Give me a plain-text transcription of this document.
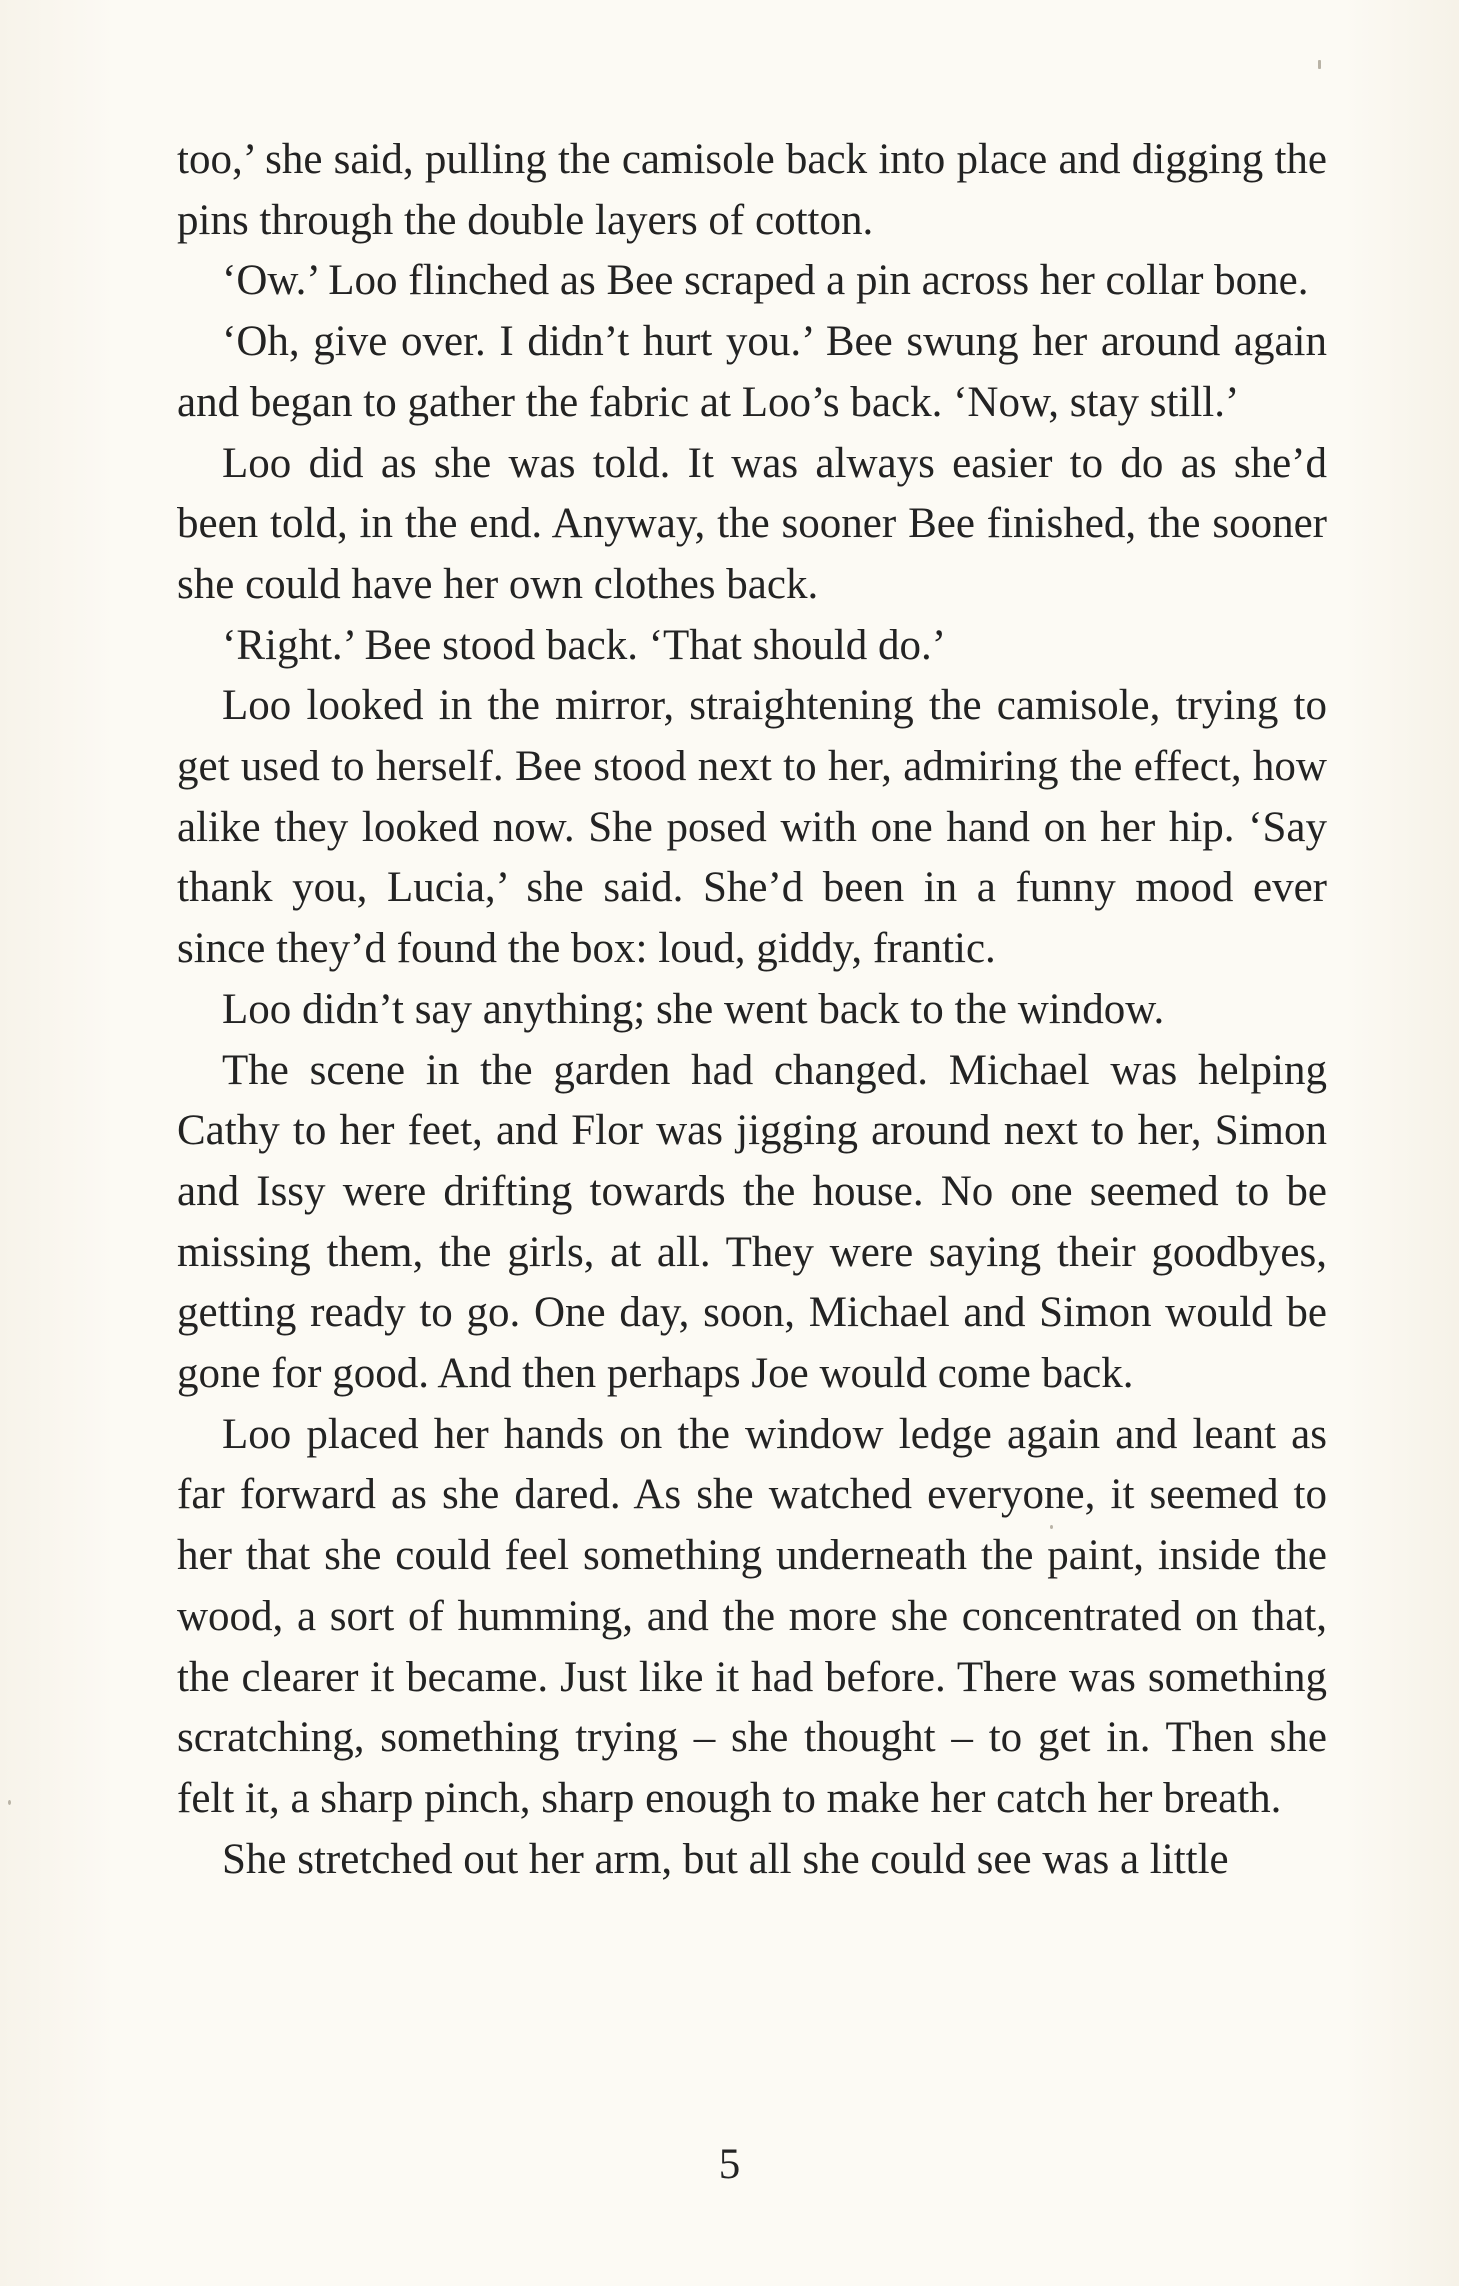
too,’ she said, pulling the camisole back into place and digging the pins through the double layers of cotton.

‘Ow.’ Loo flinched as Bee scraped a pin across her collar bone.

‘Oh, give over. I didn’t hurt you.’ Bee swung her around again and began to gather the fabric at Loo’s back. ‘Now, stay still.’

Loo did as she was told. It was always easier to do as she’d been told, in the end. Anyway, the sooner Bee finished, the sooner she could have her own clothes back.

‘Right.’ Bee stood back. ‘That should do.’

Loo looked in the mirror, straightening the camisole, trying to get used to herself. Bee stood next to her, admiring the effect, how alike they looked now. She posed with one hand on her hip. ‘Say thank you, Lucia,’ she said. She’d been in a funny mood ever since they’d found the box: loud, giddy, frantic.

Loo didn’t say anything; she went back to the window.

The scene in the garden had changed. Michael was helping Cathy to her feet, and Flor was jigging around next to her, Simon and Issy were drifting towards the house. No one seemed to be missing them, the girls, at all. They were saying their goodbyes, getting ready to go. One day, soon, Michael and Simon would be gone for good. And then perhaps Joe would come back.

Loo placed her hands on the window ledge again and leant as far forward as she dared. As she watched everyone, it seemed to her that she could feel something underneath the paint, inside the wood, a sort of humming, and the more she concentrated on that, the clearer it became. Just like it had before. There was something scratching, something trying – she thought – to get in. Then she felt it, a sharp pinch, sharp enough to make her catch her breath.

She stretched out her arm, but all she could see was a little

5
